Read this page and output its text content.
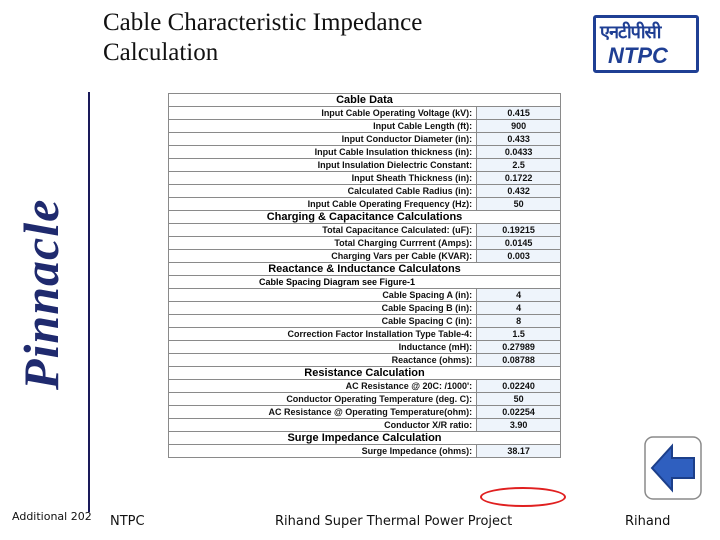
Pinnacle
Cable Characteristic Impedance Calculation
एनटीपीसी
NTPC
Cable Data	
Input Cable Operating Voltage (kV):	0.415
Input Cable Length (ft):	900
Input Conductor Diameter (in):	0.433
Input Cable Insulation thickness (in):	0.0433
Input Insulation Dielectric Constant:	2.5
Input Sheath Thickness (in):	0.1722
Calculated Cable Radius (in):	0.432
Input Cable Operating Frequency (Hz):	50
Charging & Capacitance Calculations	
Total Capacitance Calculated: (uF):	0.19215
Total Charging Currrent (Amps):	0.0145
Charging Vars per Cable (KVAR):	0.003
Reactance & Inductance Calculatons	
Cable Spacing Diagram see Figure-1	
Cable Spacing A (in):	4
Cable Spacing B (in):	4
Cable Spacing C (in):	8
Correction Factor Installation Type Table-4:	1.5
Inductance (mH):	0.27989
Reactance (ohms):	0.08788
Resistance Calculation	
AC Resistance @ 20C: /1000':	0.02240
Conductor Operating Temperature (deg. C):	50
AC Resistance @ Operating Temperature(ohm):	0.02254
Conductor X/R ratio:	3.90
Surge Impedance Calculation	
Surge Impedance (ohms):	38.17
Additional 202 NTPC	Rihand Super Thermal Power Project	Rihand
